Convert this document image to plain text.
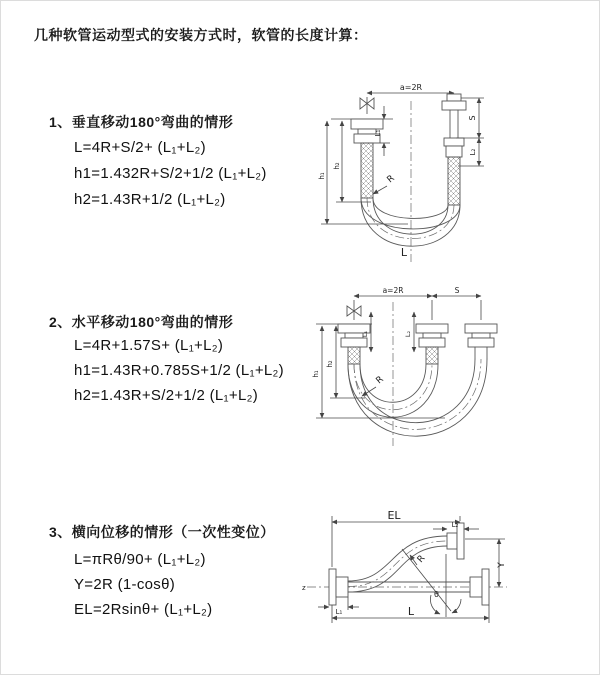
几种软管运动型式的安装方式时，软管的长度计算：
1、垂直移动180°弯曲的情形
L=4R+S/2+ (L₁+L₂)
h1=1.432R+S/2+1/2 (L₁+L₂)
h2=1.43R+1/2 (L₁+L₂)
a=2R
R
L
h₁
h₂
L₁
S
L₂
2、水平移动180°弯曲的情形
L=4R+1.57S+ (L₁+L₂)
h1=1.43R+0.785S+1/2 (L₁+L₂)
h2=1.43R+S/2+1/2 (L₁+L₂)
a=2R	S
L₁	L₂
R
h₁
h₂
3、横向位移的情形（一次性变位）
L=πRθ/90+ (L₁+L₂)
Y=2R (1-cosθ)
EL=2Rsinθ+ (L₁+L₂)
z
EL
L₂
Y
R
θ
L
L₁
